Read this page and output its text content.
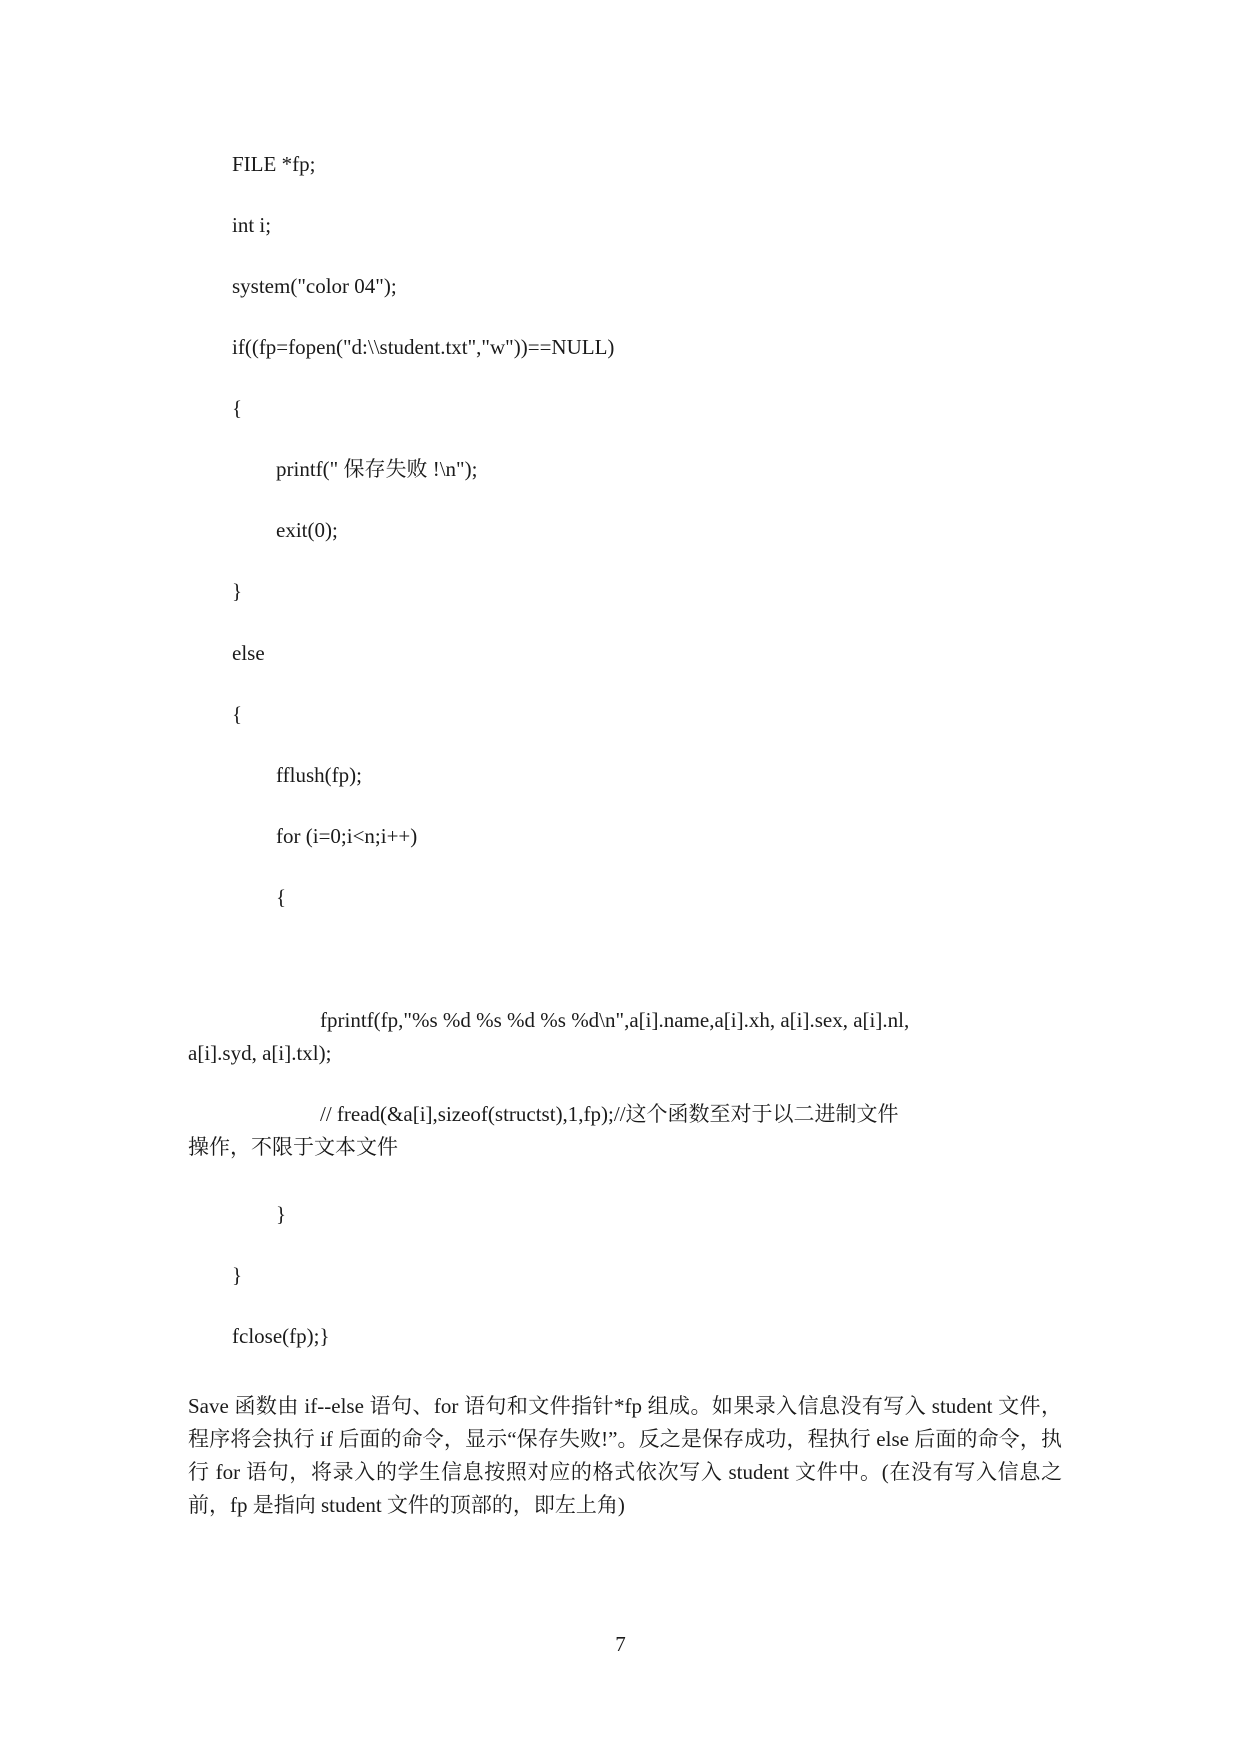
FILE *fp;
int i;
system("color 04");
if((fp=fopen("d:\\student.txt","w"))==NULL)
{
printf(" 保存失败 !\n");
exit(0);
}
else
{
fflush(fp);
for (i=0;i<n;i++)
{
fprintf(fp,"%s %d %s %d %s %d\n",a[i].name,a[i].xh, a[i].sex, a[i].nl,
a[i].syd, a[i].txl);
// fread(&a[i],sizeof(structst),1,fp);//这个函数至对于以二进制文件
操作，不限于文本文件
}
}
fclose(fp);}
Save 函数由 if--else 语句、for 语句和文件指针*fp 组成。如果录入信息没有写入 student 文件，程序将会执行 if 后面的命令，显示“保存失败!”。反之是保存成功，程执行 else 后面的命令，执行 for 语句，将录入的学生信息按照对应的格式依次写入 student 文件中。(在没有写入信息之前，fp 是指向 student 文件的顶部的，即左上角)
7
